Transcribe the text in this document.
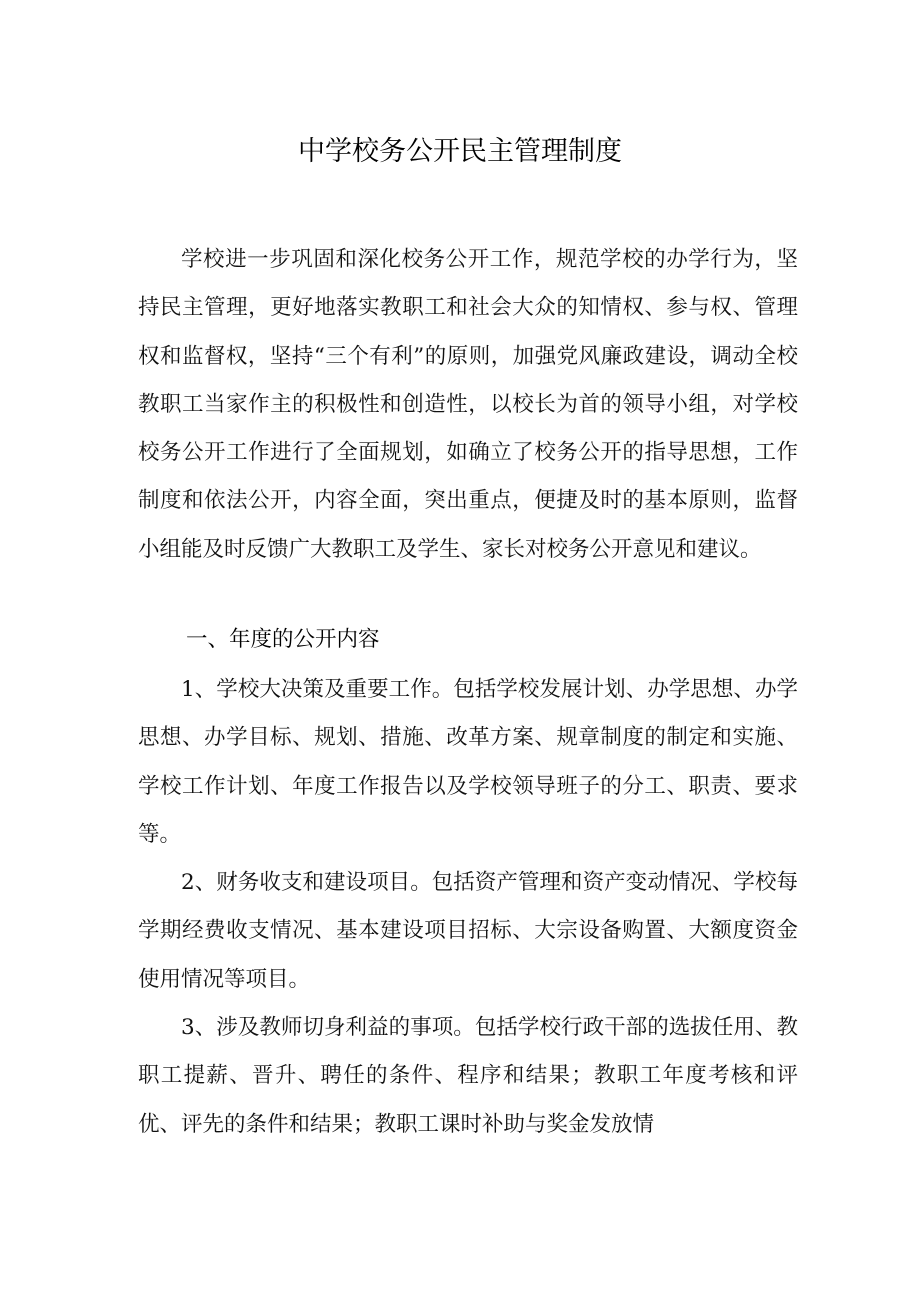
中学校务公开民主管理制度

学校进一步巩固和深化校务公开工作，规范学校的办学行为，坚持民主管理，更好地落实教职工和社会大众的知情权、参与权、管理权和监督权，坚持“三个有利”的原则，加强党风廉政建设，调动全校教职工当家作主的积极性和创造性，以校长为首的领导小组，对学校校务公开工作进行了全面规划，如确立了校务公开的指导思想，工作制度和依法公开，内容全面，突出重点，便捷及时的基本原则，监督小组能及时反馈广大教职工及学生、家长对校务公开意见和建议。

一、年度的公开内容

1、学校大决策及重要工作。包括学校发展计划、办学思想、办学思想、办学目标、规划、措施、改革方案、规章制度的制定和实施、学校工作计划、年度工作报告以及学校领导班子的分工、职责、要求等。

2、财务收支和建设项目。包括资产管理和资产变动情况、学校每学期经费收支情况、基本建设项目招标、大宗设备购置、大额度资金使用情况等项目。

3、涉及教师切身利益的事项。包括学校行政干部的选拔任用、教职工提薪、晋升、聘任的条件、程序和结果；教职工年度考核和评优、评先的条件和结果；教职工课时补助与奖金发放情
